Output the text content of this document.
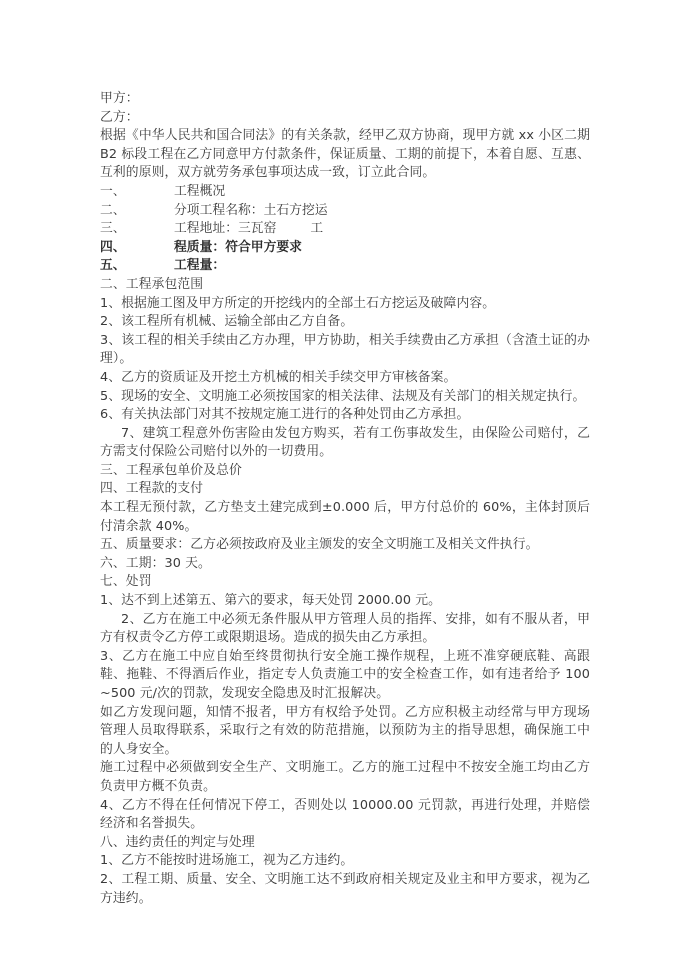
甲方：

乙方：

根据《中华人民共和国合同法》的有关条款，经甲乙双方协商，现甲方就 xx 小区二期 B2 标段工程在乙方同意甲方付款条件，保证质量、工期的前提下，本着自愿、互惠、互利的原则，双方就劳务承包事项达成一致，订立此合同。

一、	工程概况
二、	分项工程名称：土石方挖运
三、	工程地址：三瓦窑	工
四、	程质量：符合甲方要求
五、	工程量：

二、工程承包范围

1、根据施工图及甲方所定的开挖线内的全部土石方挖运及破障内容。

2、该工程所有机械、运输全部由乙方自备。

3、该工程的相关手续由乙方办理，甲方协助，相关手续费由乙方承担（含渣土证的办理）。

4、乙方的资质证及开挖土方机械的相关手续交甲方审核备案。

5、现场的安全、文明施工必须按国家的相关法律、法规及有关部门的相关规定执行。

6、有关执法部门对其不按规定施工进行的各种处罚由乙方承担。

7、建筑工程意外伤害险由发包方购买，若有工伤事故发生，由保险公司赔付，乙方需支付保险公司赔付以外的一切费用。

三、工程承包单价及总价

四、工程款的支付

本工程无预付款，乙方垫支土建完成到±0.000 后，甲方付总价的 60%，主体封顶后付清余款 40%。

五、质量要求：乙方必须按政府及业主颁发的安全文明施工及相关文件执行。

六、工期：30 天。

七、处罚

1、达不到上述第五、第六的要求，每天处罚 2000.00 元。

2、乙方在施工中必须无条件服从甲方管理人员的指挥、安排，如有不服从者，甲方有权责令乙方停工或限期退场。造成的损失由乙方承担。

3、乙方在施工中应自始至终贯彻执行安全施工操作规程，上班不准穿硬底鞋、高跟鞋、拖鞋、不得酒后作业，指定专人负责施工中的安全检查工作，如有违者给予 100~500 元/次的罚款，发现安全隐患及时汇报解决。

如乙方发现问题，知情不报者，甲方有权给予处罚。乙方应积极主动经常与甲方现场管理人员取得联系，采取行之有效的防范措施，以预防为主的指导思想，确保施工中的人身安全。

施工过程中必须做到安全生产、文明施工。乙方的施工过程中不按安全施工均由乙方负责甲方概不负责。

4、乙方不得在任何情况下停工，否则处以 10000.00 元罚款，再进行处理，并赔偿经济和名誉损失。

八、违约责任的判定与处理

1、乙方不能按时进场施工，视为乙方违约。

2、工程工期、质量、安全、文明施工达不到政府相关规定及业主和甲方要求，视为乙方违约。
